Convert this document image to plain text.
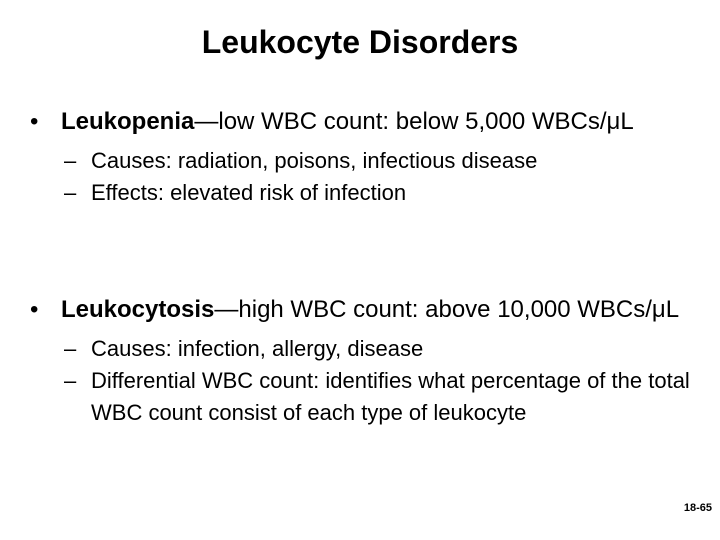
Leukocyte Disorders
• Leukopenia—low WBC count: below 5,000 WBCs/μL
– Causes: radiation, poisons, infectious disease
– Effects: elevated risk of infection
• Leukocytosis—high WBC count: above 10,000 WBCs/μL
– Causes: infection, allergy, disease
– Differential WBC count: identifies what percentage of the total WBC count consist of each type of leukocyte
18-65
